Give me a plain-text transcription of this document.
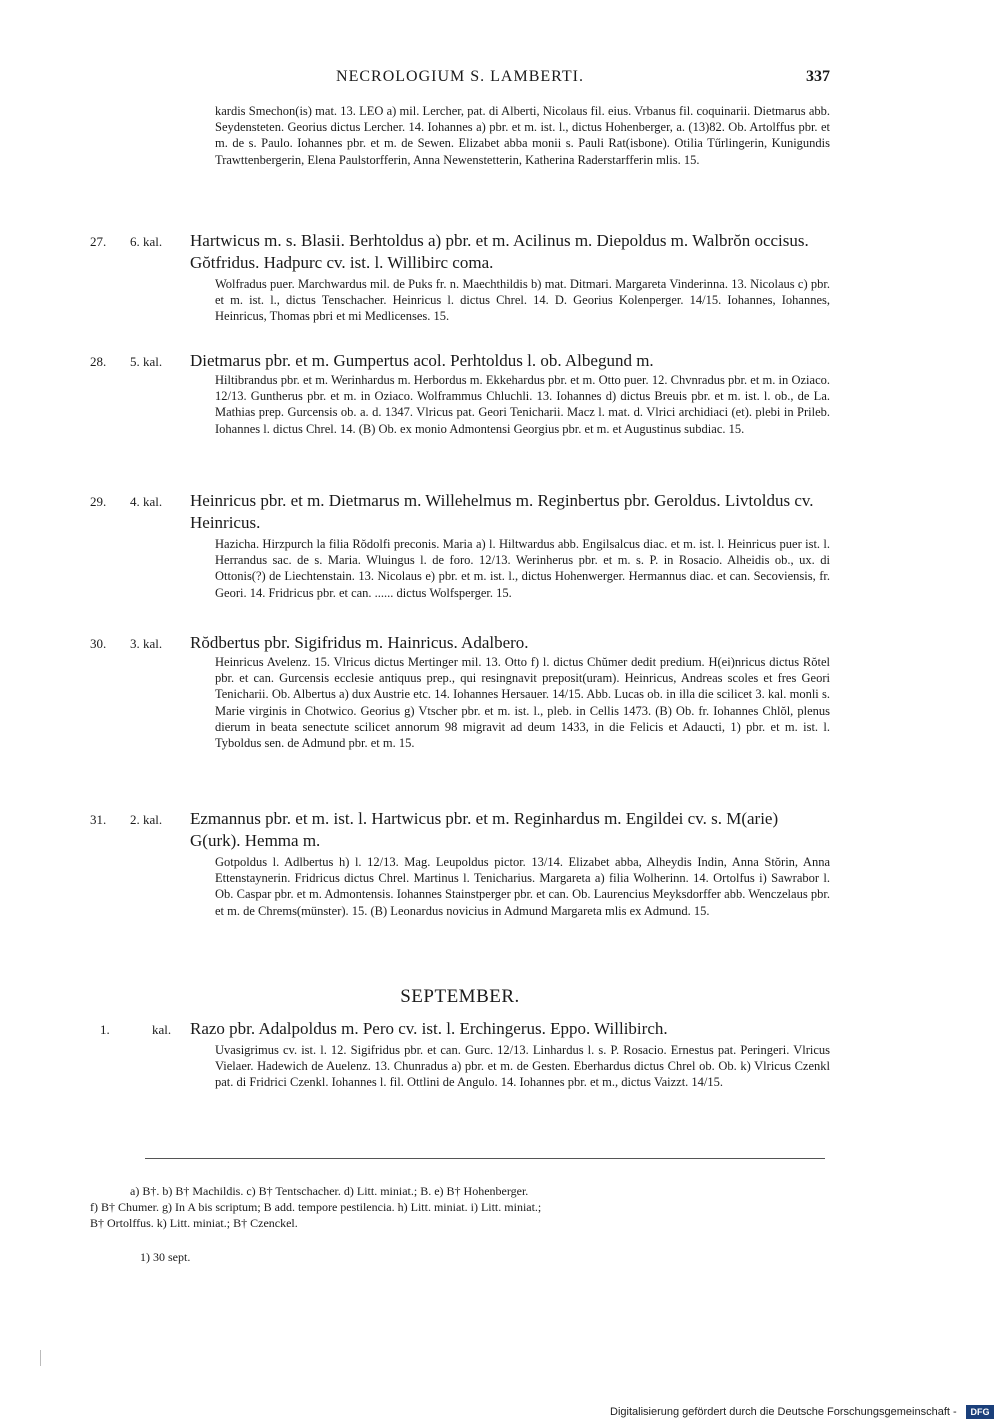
NECROLOGIUM S. LAMBERTI.	337
kardis Smechon(is) mat. 13. LEO a) mil. Lercher, pat. di Alberti, Nicolaus fil. eius. Vrbanus fil. coquinarii. Dietmarus abb. Seydensteten. Georius dictus Lercher. 14. Iohannes a) pbr. et m. ist. l., dictus Hohenberger, a. (13)82. Ob. Artolffus pbr. et m. de s. Paulo. Iohannes pbr. et m. de Sewen. Elizabet abba monii s. Pauli Rat(isbone). Otilia Tűrlingerin, Kunigundis Trawttenbergerin, Elena Paulstorfferin, Anna Newenstetterin, Katherina Raderstarfferin mlis. 15.
27.	6. kal.	Hartwicus m. s. Blasii. Berhtoldus a) pbr. et m. Acilinus m. Diepoldus m. Walbrŏn occisus. Gŏtfridus. Hadpurc cv. ist. l. Willibirc coma.
Wolfradus puer. Marchwardus mil. de Puks fr. n. Maechthildis b) mat. Ditmari. Margareta Vinderinna. 13. Nicolaus c) pbr. et m. ist. l., dictus Tenschacher. Heinricus l. dictus Chrel. 14. D. Georius Kolenperger. 14/15. Iohannes, Iohannes, Heinricus, Thomas pbri et mi Medlicenses. 15.
28.	5. kal.	Dietmarus pbr. et m. Gumpertus acol. Perhtoldus l. ob. Albegund m.
Hiltibrandus pbr. et m. Werinhardus m. Herbordus m. Ekkehardus pbr. et m. Otto puer. 12. Chvnradus pbr. et m. in Oziaco. 12/13. Guntherus pbr. et m. in Oziaco. Wolframmus Chluchli. 13. Iohannes d) dictus Breuis pbr. et m. ist. l. ob., de La. Mathias prep. Gurcensis ob. a. d. 1347. Vlricus pat. Geori Tenicharii. Macz l. mat. d. Vlrici archidiaci (et). plebi in Prileb. Iohannes l. dictus Chrel. 14. (B) Ob. ex monio Admontensi Georgius pbr. et m. et Augustinus subdiac. 15.
29.	4. kal.	Heinricus pbr. et m. Dietmarus m. Willehelmus m. Reginbertus pbr. Geroldus. Livtoldus cv. Heinricus.
Hazicha. Hirzpurch la filia Rŏdolfi preconis. Maria a) l. Hiltwardus abb. Engilsalcus diac. et m. ist. l. Heinricus puer ist. l. Herrandus sac. de s. Maria. Wluingus l. de foro. 12/13. Werinherus pbr. et m. s. P. in Rosacio. Alheidis ob., ux. di Ottonis(?) de Liechtenstain. 13. Nicolaus e) pbr. et m. ist. l., dictus Hohenwerger. Hermannus diac. et can. Secoviensis, fr. Geori. 14. Fridricus pbr. et can. ...... dictus Wolfsperger. 15.
30.	3. kal.	Rŏdbertus pbr. Sigifridus m. Hainricus. Adalbero.
Heinricus Avelenz. 15. Vlricus dictus Mertinger mil. 13. Otto f) l. dictus Chŭmer dedit predium. H(ei)nricus dictus Rŏtel pbr. et can. Gurcensis ecclesie antiquus prep., qui resingnavit preposit(uram). Heinricus, Andreas scoles et fres Geori Tenicharii. Ob. Albertus a) dux Austrie etc. 14. Iohannes Hersauer. 14/15. Abb. Lucas ob. in illa die scilicet 3. kal. monli s. Marie virginis in Chotwico. Georius g) Vtscher pbr. et m. ist. l., pleb. in Cellis 1473. (B) Ob. fr. Iohannes Chlŏl, plenus dierum in beata senectute scilicet annorum 98 migravit ad deum 1433, in die Felicis et Adaucti, 1) pbr. et m. ist. l. Tyboldus sen. de Admund pbr. et m. 15.
31.	2. kal.	Ezmannus pbr. et m. ist. l. Hartwicus pbr. et m. Reginhardus m. Engildei cv. s. M(arie) G(urk). Hemma m.
Gotpoldus l. Adlbertus h) l. 12/13. Mag. Leupoldus pictor. 13/14. Elizabet abba, Alheydis Indin, Anna Stŏrin, Anna Ettenstaynerin. Fridricus dictus Chrel. Martinus l. Tenicharius. Margareta a) filia Wolherinn. 14. Ortolfus i) Sawrabor l. Ob. Caspar pbr. et m. Admontensis. Iohannes Stainstperger pbr. et can. Ob. Laurencius Meyksdorffer abb. Wenczelaus pbr. et m. de Chrems(münster). 15. (B) Leonardus novicius in Admund Margareta mlis ex Admund. 15.
SEPTEMBER.
1.	kal.	Razo pbr. Adalpoldus m. Pero cv. ist. l. Erchingerus. Eppo. Willibirch.
Uvasigrimus cv. ist. l. 12. Sigifridus pbr. et can. Gurc. 12/13. Linhardus l. s. P. Rosacio. Ernestus pat. Peringeri. Vlricus Vielaer. Hadewich de Auelenz. 13. Chunradus a) pbr. et m. de Gesten. Eberhardus dictus Chrel ob. Ob. k) Vlricus Czenkl pat. di Fridrici Czenkl. Iohannes l. fil. Ottlini de Angulo. 14. Iohannes pbr. et m., dictus Vaizzt. 14/15.
a) B†. b) B† Machildis. c) B† Tentschacher. d) Litt. miniat.; B. e) B† Hohenberger.
f) B† Chumer. g) In A bis scriptum; B add. tempore pestilencia. h) Litt. miniat. i) Litt. miniat.;
B† Ortolffus. k) Litt. miniat.; B† Czenckel.
1) 30 sept.
Digitalisierung gefördert durch die Deutsche Forschungsgemeinschaft -	DFG
